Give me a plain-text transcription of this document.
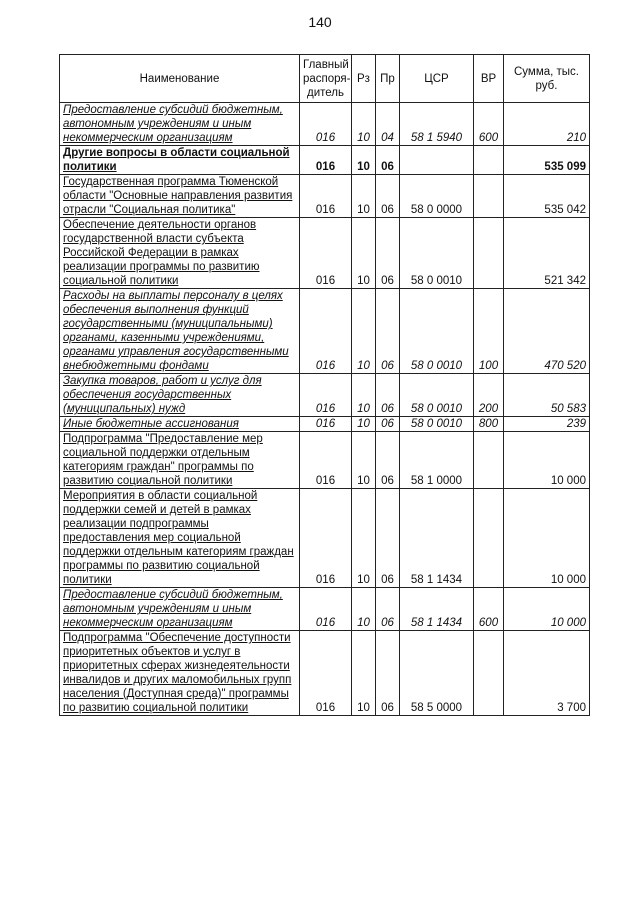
140
Наименование	Главный распоря-дитель	Рз	Пр	ЦСР	ВР	Сумма, тыс. руб.
Предоставление субсидий бюджетным, автономным учреждениям и иным некоммерческим организациям	016	10	04	58 1 5940	600	210
Другие вопросы в области социальной политики	016	10	06			535 099
Государственная программа Тюменской области "Основные направления развития отрасли "Социальная политика"	016	10	06	58 0 0000		535 042
Обеспечение деятельности органов государственной власти субъекта Российской Федерации в рамках реализации программы по развитию социальной политики	016	10	06	58 0 0010		521 342
Расходы на выплаты персоналу в целях обеспечения выполнения функций государственными (муниципальными) органами, казенными учреждениями, органами управления государственными внебюджетными фондами	016	10	06	58 0 0010	100	470 520
Закупка товаров, работ и услуг для обеспечения государственных (муниципальных) нужд	016	10	06	58 0 0010	200	50 583
Иные бюджетные ассигнования	016	10	06	58 0 0010	800	239
Подпрограмма "Предоставление мер социальной поддержки отдельным категориям граждан" программы по развитию социальной политики	016	10	06	58 1 0000		10 000
Мероприятия в области социальной поддержки семей и детей в рамках реализации подпрограммы предоставления мер социальной поддержки отдельным категориям граждан программы по развитию социальной политики	016	10	06	58 1 1434		10 000
Предоставление субсидий бюджетным, автономным учреждениям и иным некоммерческим организациям	016	10	06	58 1 1434	600	10 000
Подпрограмма "Обеспечение доступности приоритетных объектов и услуг в приоритетных сферах жизнедеятельности инвалидов и других маломобильных групп населения (Доступная среда)" программы по развитию социальной политики	016	10	06	58 5 0000		3 700
